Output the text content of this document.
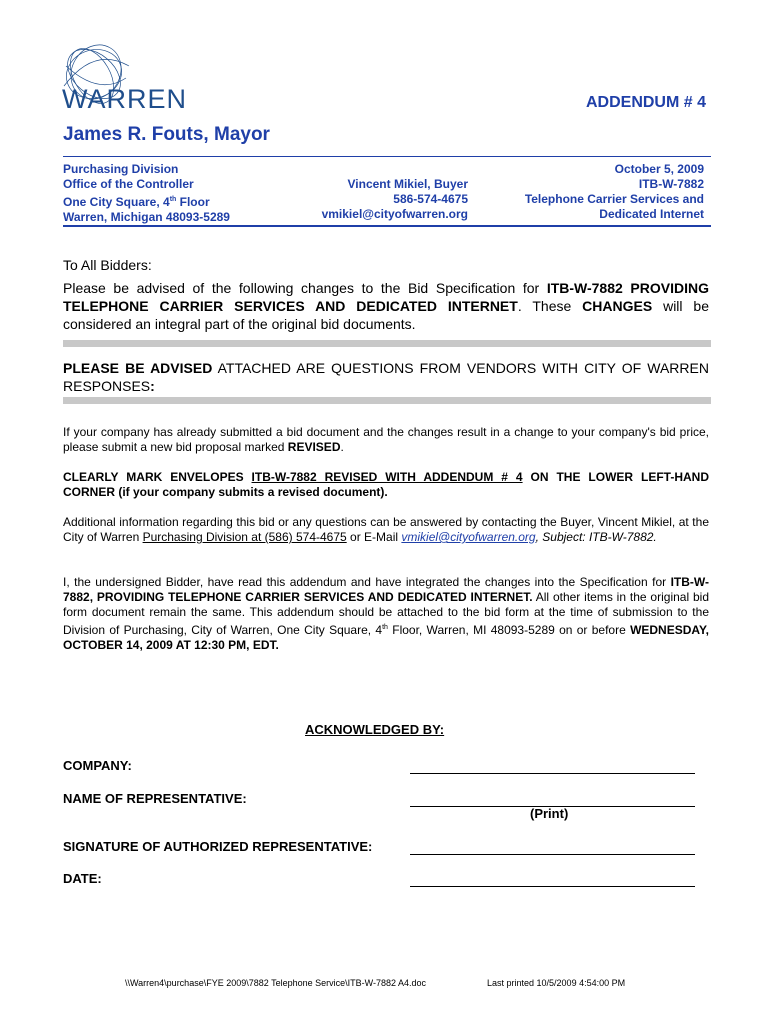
WARREN	ADDENDUM # 4
James R. Fouts, Mayor
Purchasing Division
Office of the Controller
One City Square, 4th Floor
Warren, Michigan 48093-5289
Vincent Mikiel, Buyer
586-574-4675
vmikiel@cityofwarren.org
October 5, 2009
ITB-W-7882
Telephone Carrier Services and
Dedicated Internet
To All Bidders:
Please be advised of the following changes to the Bid Specification for ITB-W-7882 PROVIDING TELEPHONE CARRIER SERVICES AND DEDICATED INTERNET. These CHANGES will be considered an integral part of the original bid documents.
PLEASE BE ADVISED ATTACHED ARE QUESTIONS FROM VENDORS WITH CITY OF WARREN RESPONSES:
If your company has already submitted a bid document and the changes result in a change to your company's bid price, please submit a new bid proposal marked REVISED.
CLEARLY MARK ENVELOPES ITB-W-7882 REVISED WITH ADDENDUM # 4 ON THE LOWER LEFT-HAND CORNER (if your company submits a revised document).
Additional information regarding this bid or any questions can be answered by contacting the Buyer, Vincent Mikiel, at the City of Warren Purchasing Division at (586) 574-4675 or E-Mail vmikiel@cityofwarren.org, Subject: ITB-W-7882.
I, the undersigned Bidder, have read this addendum and have integrated the changes into the Specification for ITB-W-7882, PROVIDING TELEPHONE CARRIER SERVICES AND DEDICATED INTERNET. All other items in the original bid form document remain the same. This addendum should be attached to the bid form at the time of submission to the Division of Purchasing, City of Warren, One City Square, 4th Floor, Warren, MI 48093-5289 on or before WEDNESDAY, OCTOBER 14, 2009 AT 12:30 PM, EDT.
ACKNOWLEDGED BY:
COMPANY:
NAME OF REPRESENTATIVE:
(Print)
SIGNATURE OF AUTHORIZED REPRESENTATIVE:
DATE:
\\Warren4\purchase\FYE 2009\7882 Telephone Service\ITB-W-7882 A4.doc	Last printed 10/5/2009 4:54:00 PM
